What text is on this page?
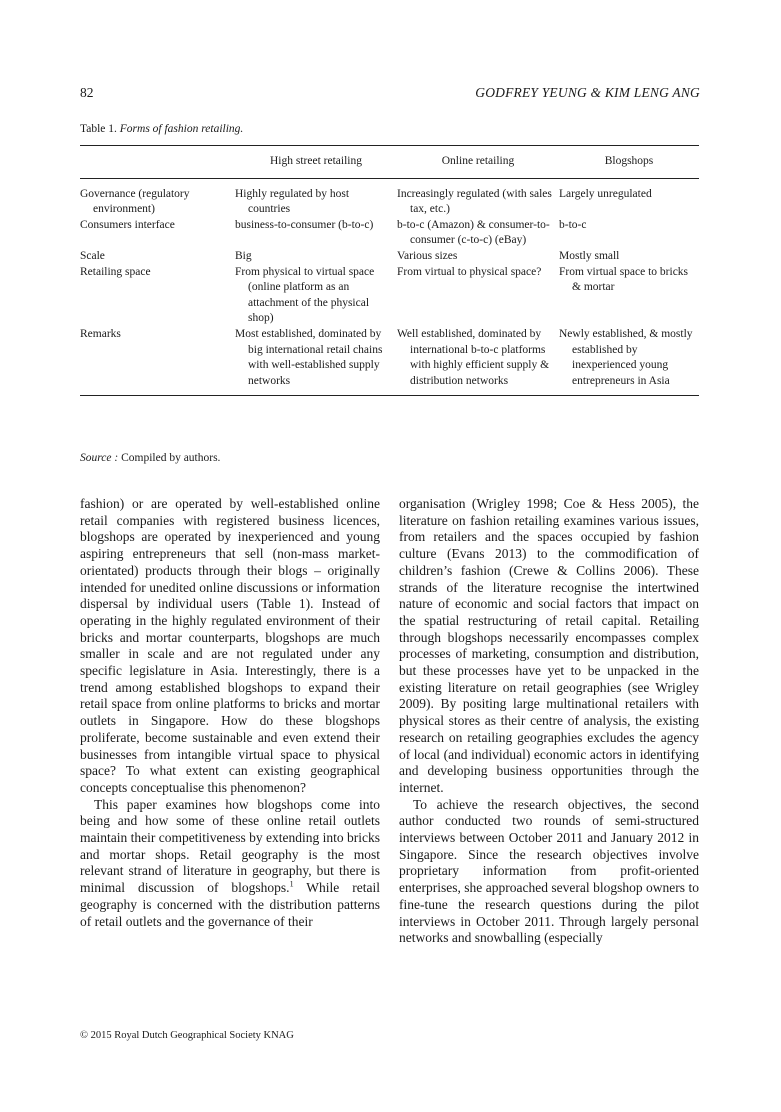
82	GODFREY YEUNG & KIM LENG ANG
Table 1. Forms of fashion retailing.
	High street retailing	Online retailing	Blogshops

Governance (regulatory environment)	Highly regulated by host countries	Increasingly regulated (with sales tax, etc.)	Largely unregulated

Consumers interface	business-to-consumer (b-to-c)	b-to-c (Amazon) & consumer-to-consumer (c-to-c) (eBay)	b-to-c

Scale	Big	Various sizes	Mostly small

Retailing space	From physical to virtual space (online platform as an attachment of the physical shop)	From virtual to physical space?	From virtual space to bricks & mortar

Remarks	Most established, dominated by big international retail chains with well-established supply networks	Well established, dominated by international b-to-c platforms with highly efficient supply & distribution networks	Newly established, & mostly established by inexperienced young entrepreneurs in Asia
Source : Compiled by authors.

fashion) or are operated by well-established online retail companies with registered business licences, blogshops are operated by inexperienced and young aspiring entrepreneurs that sell (non-mass market-orientated) products through their blogs – originally intended for unedited online discussions or information dispersal by individual users (Table 1). Instead of operating in the highly regulated environment of their bricks and mortar counterparts, blogshops are much smaller in scale and are not regulated under any specific legislature in Asia. Interestingly, there is a trend among established blogshops to expand their retail space from online platforms to bricks and mortar outlets in Singapore. How do these blogshops proliferate, become sustainable and even extend their businesses from intangible virtual space to physical space? To what extent can existing geographical concepts conceptualise this phenomenon?

This paper examines how blogshops come into being and how some of these online retail outlets maintain their competitiveness by extending into bricks and mortar shops. Retail geography is the most relevant strand of literature in geography, but there is minimal discussion of blogshops.$^1$ While retail geography is concerned with the distribution patterns of retail outlets and the governance of their

organisation (Wrigley 1998; Coe & Hess 2005), the literature on fashion retailing examines various issues, from retailers and the spaces occupied by fashion culture (Evans 2013) to the commodification of children’s fashion (Crewe & Collins 2006). These strands of the literature recognise the intertwined nature of economic and social factors that impact on the spatial restructuring of retail capital. Retailing through blogshops necessarily encompasses complex processes of marketing, consumption and distribution, but these processes have yet to be unpacked in the existing literature on retail geographies (see Wrigley 2009). By positing large multinational retailers with physical stores as their centre of analysis, the existing research on retailing geographies excludes the agency of local (and individual) economic actors in identifying and developing business opportunities through the internet.

To achieve the research objectives, the second author conducted two rounds of semi-structured interviews between October 2011 and January 2012 in Singapore. Since the research objectives involve proprietary information from profit-oriented enterprises, she approached several blogshop owners to fine-tune the research questions during the pilot interviews in October 2011. Through largely personal networks and snowballing (especially

© 2015 Royal Dutch Geographical Society KNAG
